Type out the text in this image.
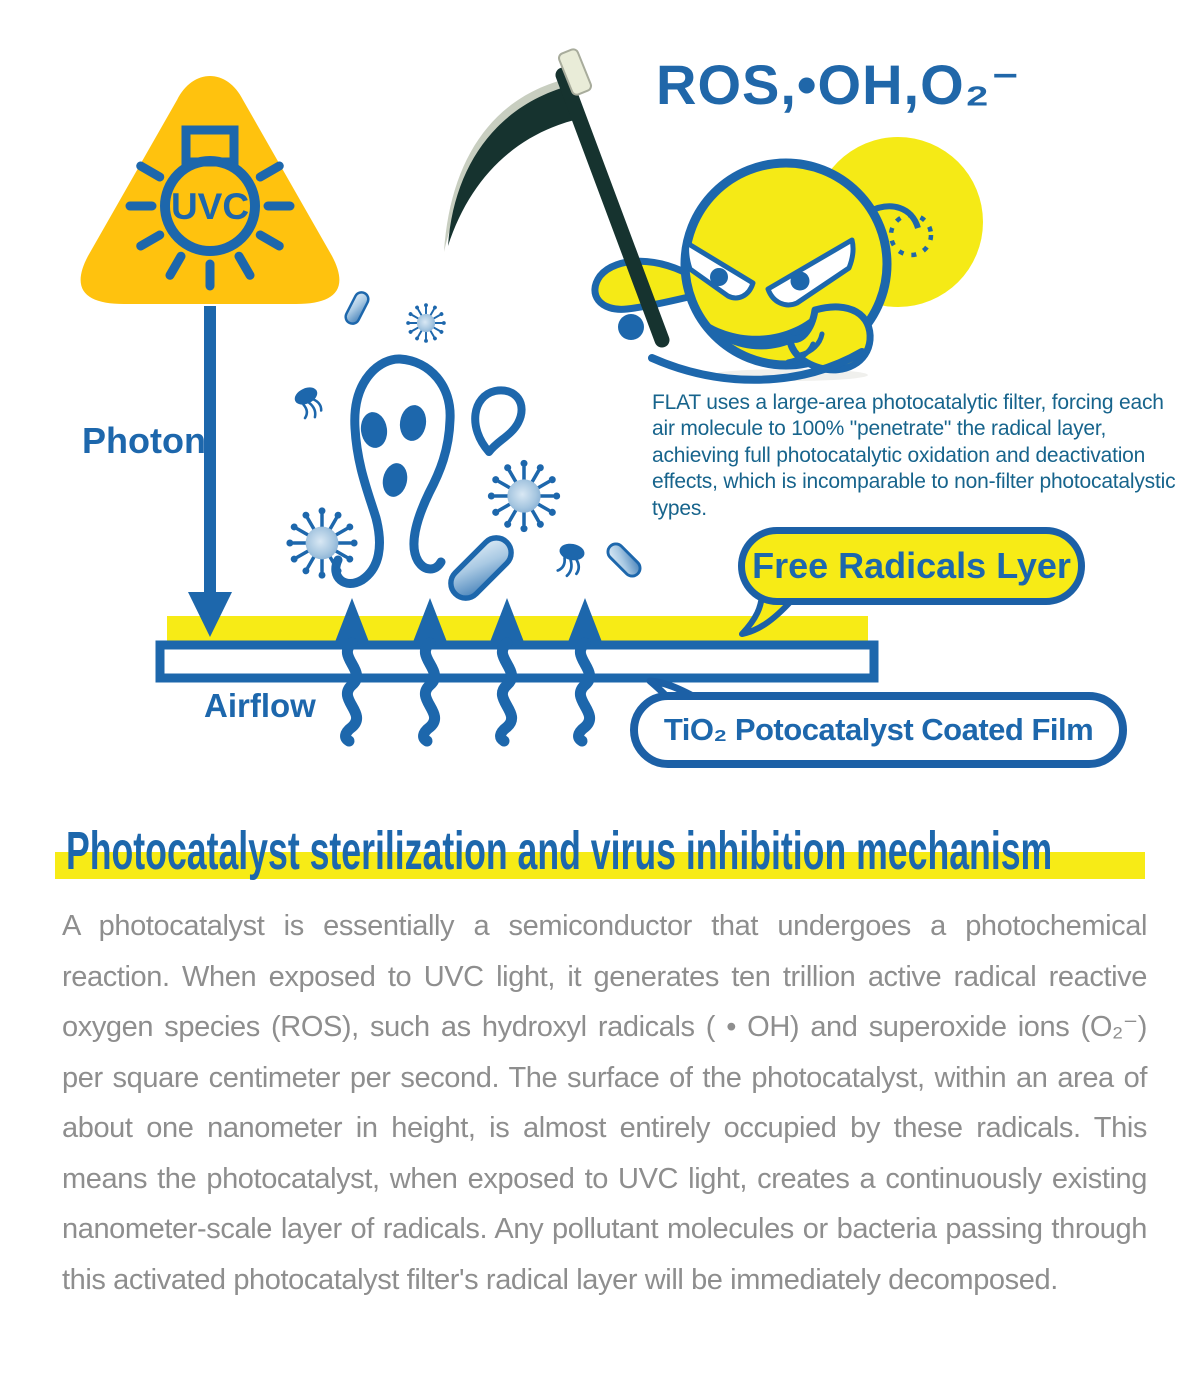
UVC
ROS,•OH,O₂⁻
Photon
FLAT uses a large-area photocatalytic filter, forcing each air molecule to 100% "penetrate" the radical layer, achieving full photocatalytic oxidation and deactivation effects, which is incomparable to non-filter photocatalystic types.
Free Radicals Lyer
Airflow
TiO₂ Potocatalyst Coated Film
Photocatalyst sterilization and virus inhibition mechanism

A photocatalyst is essentially a semiconductor that undergoes a photochemical reaction. When exposed to UVC light, it generates ten trillion active radical reactive oxygen species (ROS), such as hydroxyl radicals ( • OH) and superoxide ions (O₂⁻) per square centimeter per second. The surface of the photocatalyst, within an area of about one nanometer in height, is almost entirely occupied by these radicals. This means the photocatalyst, when exposed to UVC light, creates a continuously existing nanometer-scale layer of radicals. Any pollutant molecules or bacteria passing through this activated photocatalyst filter's radical layer will be immediately decomposed.
